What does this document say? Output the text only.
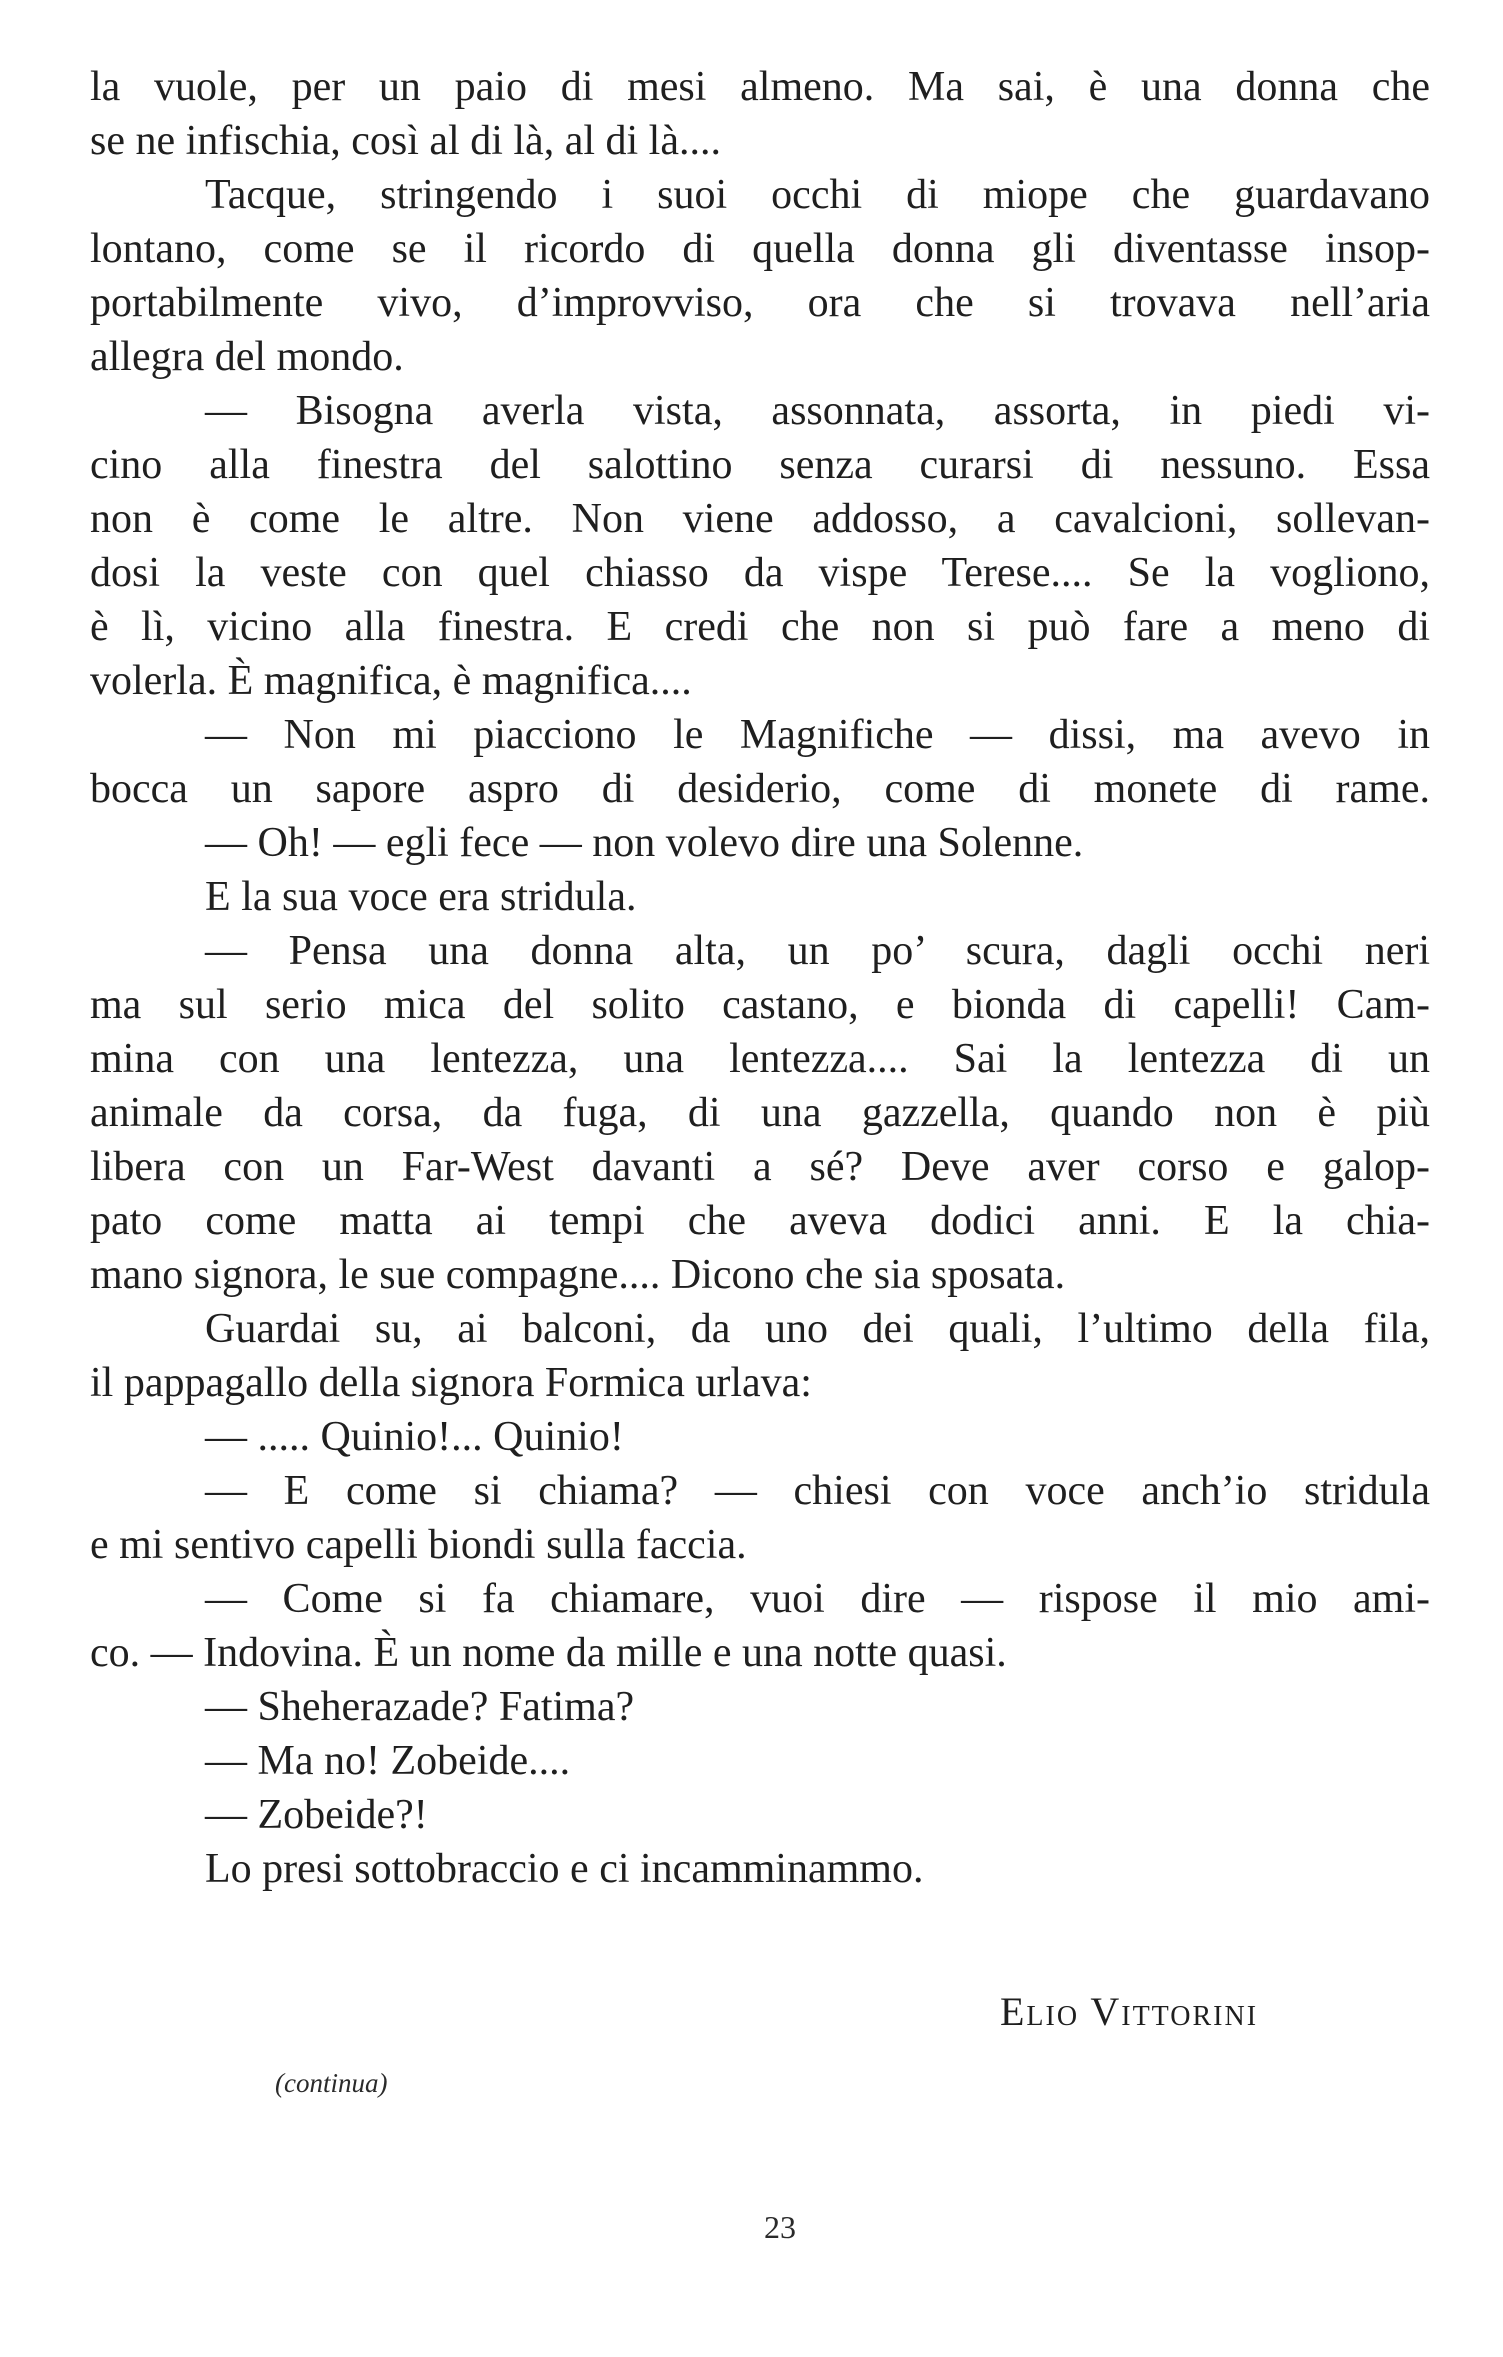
la vuole, per un paio di mesi almeno. Ma sai, è una donna che
se ne infischia, così al di là, al di là....
Tacque, stringendo i suoi occhi di miope che guardavano
lontano, come se il ricordo di quella donna gli diventasse insop-
portabilmente vivo, d’improvviso, ora che si trovava nell’aria
allegra del mondo.
— Bisogna averla vista, assonnata, assorta, in piedi vi-
cino alla finestra del salottino senza curarsi di nessuno. Essa
non è come le altre. Non viene addosso, a cavalcioni, sollevan-
dosi la veste con quel chiasso da vispe Terese.... Se la vogliono,
è lì, vicino alla finestra. E credi che non si può fare a meno di
volerla. È magnifica, è magnifica....
— Non mi piacciono le Magnifiche — dissi, ma avevo in
bocca un sapore aspro di desiderio, come di monete di rame.
— Oh! — egli fece — non volevo dire una Solenne.
E la sua voce era stridula.
— Pensa una donna alta, un po’ scura, dagli occhi neri
ma sul serio mica del solito castano, e bionda di capelli! Cam-
mina con una lentezza, una lentezza.... Sai la lentezza di un
animale da corsa, da fuga, di una gazzella, quando non è più
libera con un Far-West davanti a sé? Deve aver corso e galop-
pato come matta ai tempi che aveva dodici anni. E la chia-
mano signora, le sue compagne.... Dicono che sia sposata.
Guardai su, ai balconi, da uno dei quali, l’ultimo della fila,
il pappagallo della signora Formica urlava:
— ..... Quinio!... Quinio!
— E come si chiama? — chiesi con voce anch’io stridula
e mi sentivo capelli biondi sulla faccia.
— Come si fa chiamare, vuoi dire — rispose il mio ami-
co. — Indovina. È un nome da mille e una notte quasi.
— Sheherazade? Fatima?
— Ma no! Zobeide....
— Zobeide?!
Lo presi sottobraccio e ci incamminammo.
Elio Vittorini
(continua)
23
